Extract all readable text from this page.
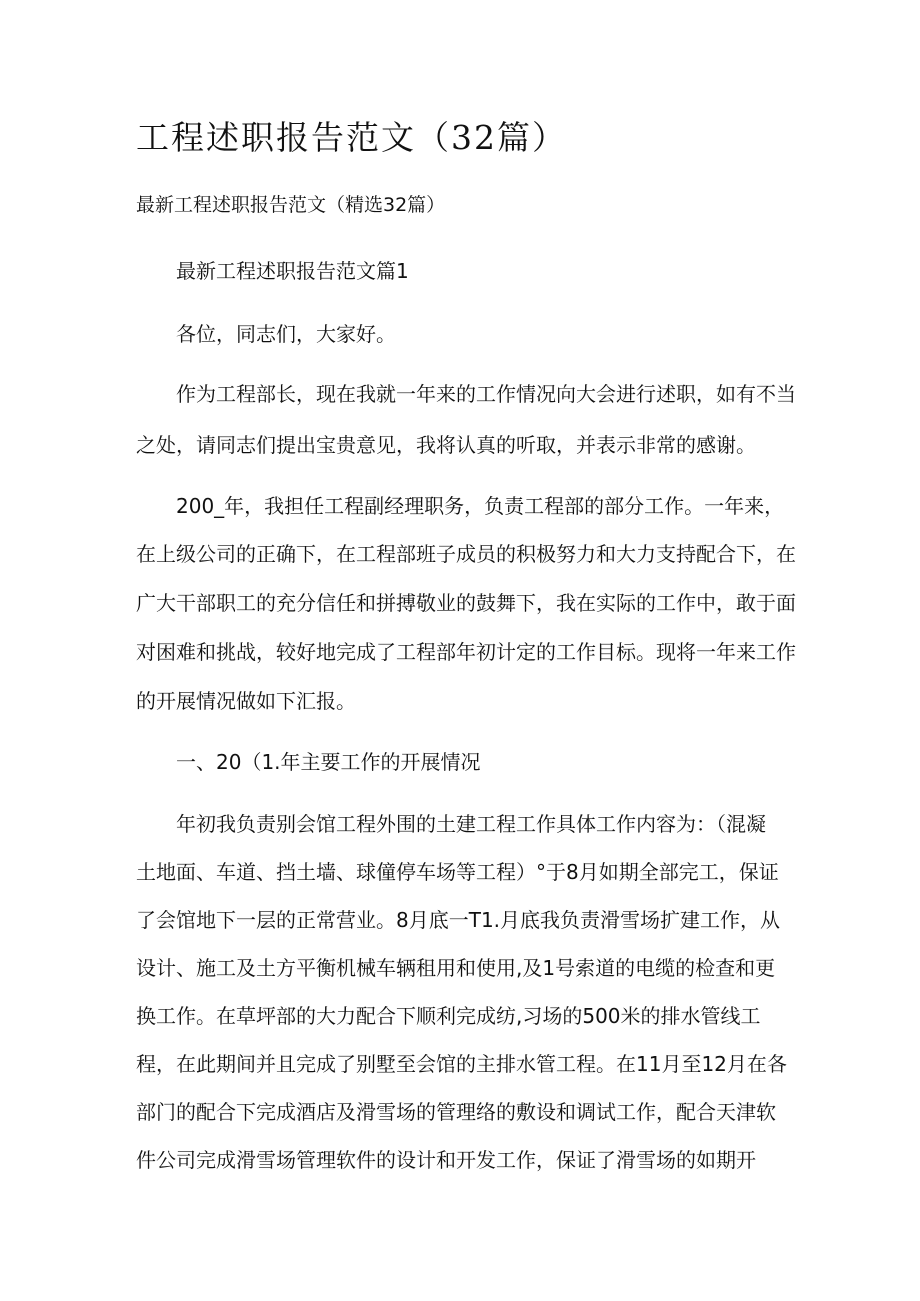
工程述职报告范文（32篇）
最新工程述职报告范文（精选32篇）
最新工程述职报告范文篇1
各位，同志们，大家好。
作为工程部长，现在我就一年来的工作情况向大会进行述职，如有不当
之处，请同志们提出宝贵意见，我将认真的听取，并表示非常的感谢。
200_年，我担任工程副经理职务，负责工程部的部分工作。一年来，
在上级公司的正确下，在工程部班子成员的积极努力和大力支持配合下，在
广大干部职工的充分信任和拼搏敬业的鼓舞下，我在实际的工作中，敢于面
对困难和挑战，较好地完成了工程部年初计定的工作目标。现将一年来工作
的开展情况做如下汇报。
一、20（1.年主要工作的开展情况
年初我负责别会馆工程外围的土建工程工作具体工作内容为：（混凝
土地面、车道、挡土墙、球僮停车场等工程）°于8月如期全部完工，保证
了会馆地下一层的正常营业。8月底一T1.月底我负责滑雪场扩建工作，从
设计、施工及土方平衡机械车辆租用和使用,及1号索道的电缆的检查和更
换工作。在草坪部的大力配合下顺利完成纺,习场的500米的排水管线工
程，在此期间并且完成了别墅至会馆的主排水管工程。在11月至12月在各
部门的配合下完成酒店及滑雪场的管理络的敷设和调试工作，配合天津软
件公司完成滑雪场管理软件的设计和开发工作，保证了滑雪场的如期开
